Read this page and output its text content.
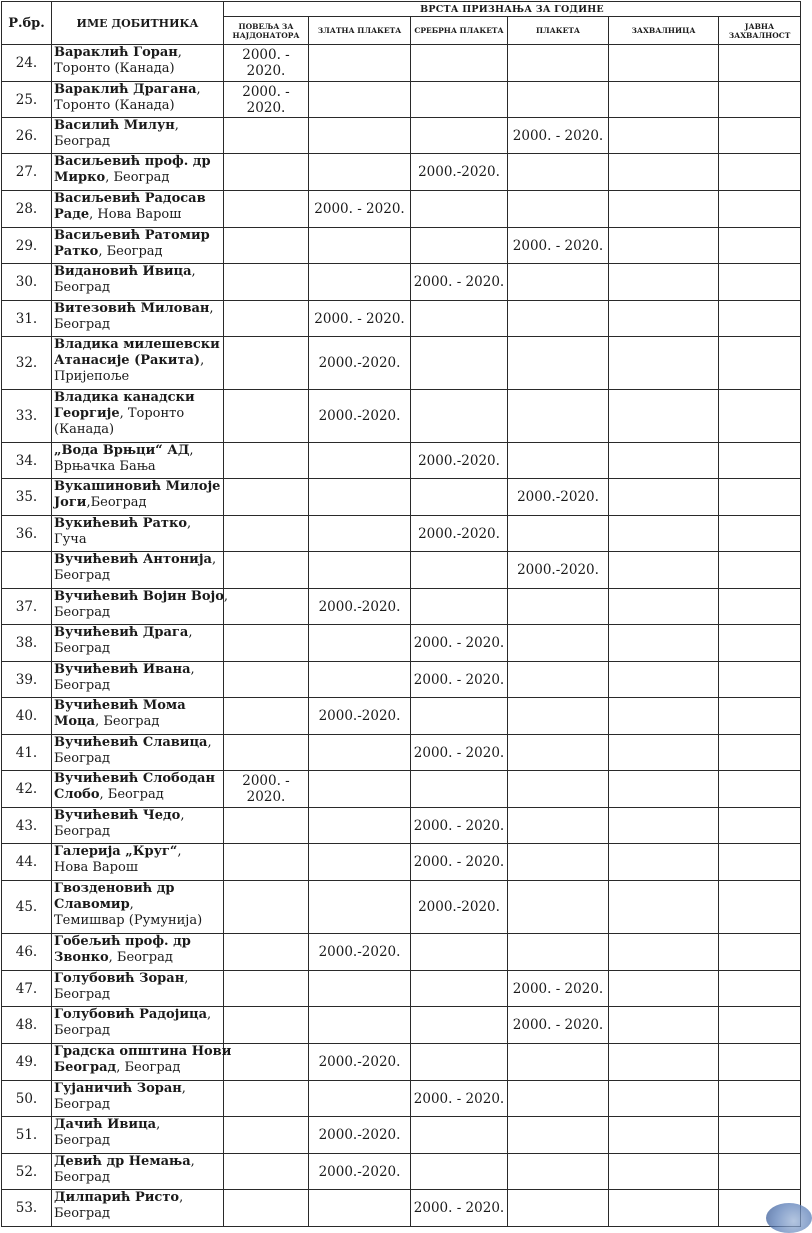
Р.бр.	ИМЕ ДОБИТНИКА	ВРСТА ПРИЗНАЊА ЗА ГОДИНЕ					
		ПОВЕЉА ЗА НАЈДОНАТОРА	ЗЛАТНА ПЛАКЕТА	СРЕБРНА ПЛАКЕТА	ПЛАКЕТА	ЗАХВАЛНИЦА	ЈАВНА ЗАХВАЛНОСТ
24.	Вараклић Горан,
Торонто (Канада)	2000. - 2020.					
25.	Вараклић Драгана,
Торонто (Канада)	2000. - 2020.					
26.	Василић Милун,
Београд				2000. - 2020.		
27.	Васиљевић проф. др
Мирко, Београд			2000.-2020.			
28.	Васиљевић Радосав
Раде, Нова Варош		2000. - 2020.				
29.	Васиљевић Ратомир
Ратко, Београд				2000. - 2020.		
30.	Видановић Ивица,
Београд			2000. - 2020.			
31.	Витезовић Милован,
Београд		2000. - 2020.				
32.	Владика милешевски
Атанасије (Ракита),
Пријепоље		2000.-2020.				
33.	Владика канадски
Георгије, Торонто
(Канада)		2000.-2020.				
34.	„Вода Врњци“ АД,
Врњачка Бања			2000.-2020.			
35.	Вукашиновић Милоје
Јоги,Београд				2000.-2020.		
36.	Вукићевић Ратко,
Гуча			2000.-2020.			

	Вучићевић Антонија,
Београд				2000.-2020.		
37.	Вучићевић Војин Војо,
Београд		2000.-2020.				
38.	Вучићевић Драга,
Београд			2000. - 2020.			
39.	Вучићевић Ивана,
Београд			2000. - 2020.			
40.	Вучићевић Мома
Моца, Београд		2000.-2020.				
41.	Вучићевић Славица,
Београд			2000. - 2020.			
42.	Вучићевић Слободан
Слобо, Београд	2000. - 2020.					
43.	Вучићевић Чедо,
Београд			2000. - 2020.			
44.	Галерија „Круг“,
Нова Варош			2000. - 2020.			
45.	Гвозденовић др
Славомир,
Темишвар (Румунија)			2000.-2020.			
46.	Гобељић проф. др
Звонко, Београд		2000.-2020.				
47.	Голубовић Зоран,
Београд				2000. - 2020.		
48.	Голубовић Радојица,
Београд				2000. - 2020.		
49.	Градска општина Нови
Београд, Београд		2000.-2020.				
50.	Гујаничић Зоран,
Београд			2000. - 2020.			
51.	Дачић Ивица,
Београд		2000.-2020.				
52.	Девић др Немања,
Београд		2000.-2020.				
53.	Дилпарић Ристо,
Београд			2000. - 2020.			
